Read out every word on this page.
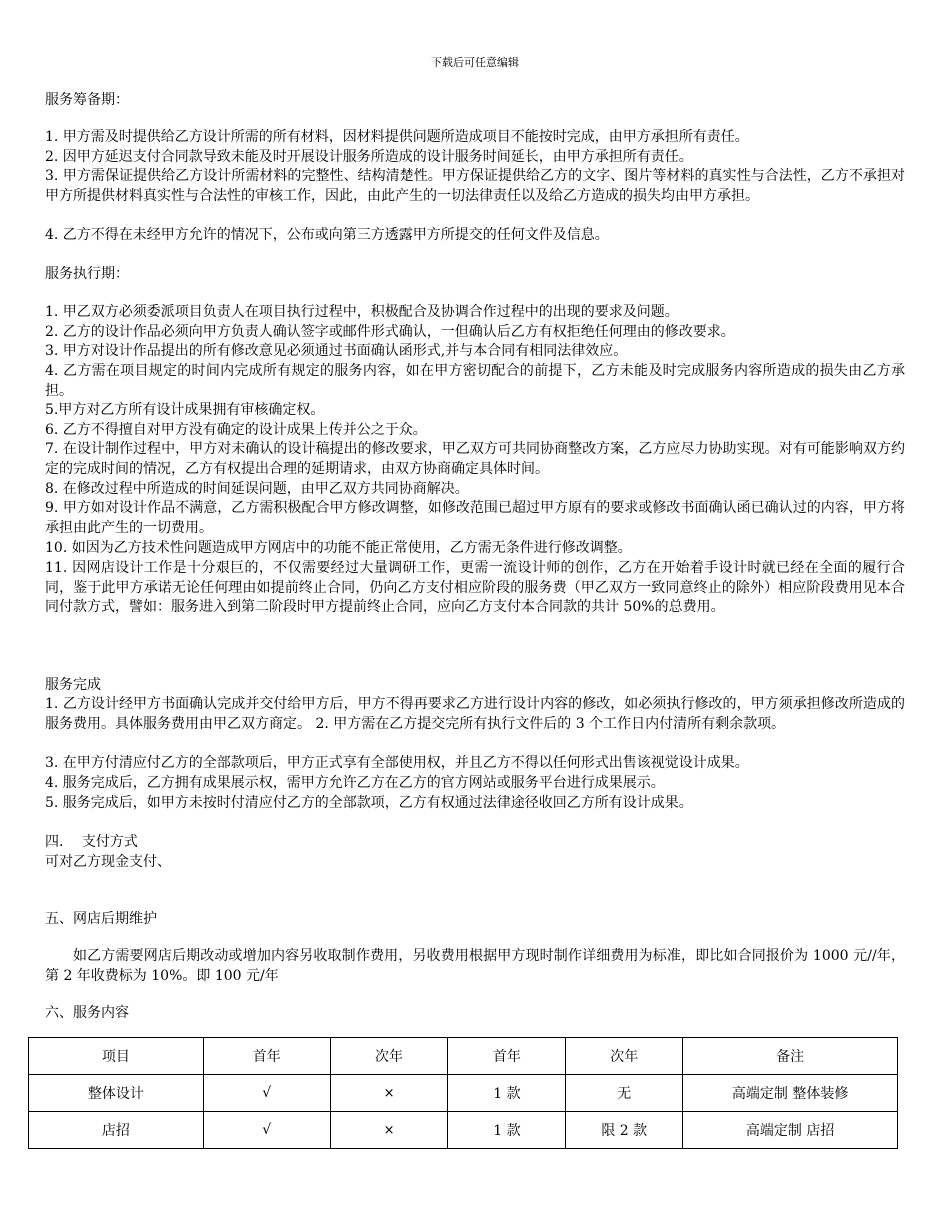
下载后可任意编辑

服务筹备期：

1. 甲方需及时提供给乙方设计所需的所有材料，因材料提供问题所造成项目不能按时完成，由甲方承担所有责任。

2. 因甲方延迟支付合同款导致未能及时开展设计服务所造成的设计服务时间延长，由甲方承担所有责任。

3. 甲方需保证提供给乙方设计所需材料的完整性、结构清楚性。甲方保证提供给乙方的文字、图片等材料的真实性与合法性，乙方不承担对甲方所提供材料真实性与合法性的审核工作，因此，由此产生的一切法律责任以及给乙方造成的损失均由甲方承担。

4. 乙方不得在未经甲方允许的情况下，公布或向第三方透露甲方所提交的任何文件及信息。

服务执行期：

1. 甲乙双方必须委派项目负责人在项目执行过程中，积极配合及协调合作过程中的出现的要求及问题。

2. 乙方的设计作品必须向甲方负责人确认签字或邮件形式确认，一但确认后乙方有权拒绝任何理由的修改要求。

3. 甲方对设计作品提出的所有修改意见必须通过书面确认函形式,并与本合同有相同法律效应。

4. 乙方需在项目规定的时间内完成所有规定的服务内容，如在甲方密切配合的前提下，乙方未能及时完成服务内容所造成的损失由乙方承担。

5.甲方对乙方所有设计成果拥有审核确定权。

6. 乙方不得擅自对甲方没有确定的设计成果上传并公之于众。

7. 在设计制作过程中，甲方对未确认的设计稿提出的修改要求，甲乙双方可共同协商整改方案，乙方应尽力协助实现。对有可能影响双方约定的完成时间的情况，乙方有权提出合理的延期请求，由双方协商确定具体时间。

8. 在修改过程中所造成的时间延误问题，由甲乙双方共同协商解决。

9. 甲方如对设计作品不满意，乙方需积极配合甲方修改调整，如修改范围已超过甲方原有的要求或修改书面确认函已确认过的内容，甲方将承担由此产生的一切费用。

10. 如因为乙方技术性问题造成甲方网店中的功能不能正常使用，乙方需无条件进行修改调整。

11. 因网店设计工作是十分艰巨的，不仅需要经过大量调研工作，更需一流设计师的创作，乙方在开始着手设计时就已经在全面的履行合同，鉴于此甲方承诺无论任何理由如提前终止合同，仍向乙方支付相应阶段的服务费（甲乙双方一致同意终止的除外）相应阶段费用见本合同付款方式，譬如：服务进入到第二阶段时甲方提前终止合同，应向乙方支付本合同款的共计 50%的总费用。

服务完成

1. 乙方设计经甲方书面确认完成并交付给甲方后，甲方不得再要求乙方进行设计内容的修改，如必须执行修改的，甲方须承担修改所造成的服务费用。具体服务费用由甲乙双方商定。 2. 甲方需在乙方提交完所有执行文件后的 3 个工作日内付清所有剩余款项。

3. 在甲方付清应付乙方的全部款项后，甲方正式享有全部使用权，并且乙方不得以任何形式出售该视觉设计成果。

4. 服务完成后，乙方拥有成果展示权，需甲方允许乙方在乙方的官方网站或服务平台进行成果展示。

5. 服务完成后，如甲方未按时付清应付乙方的全部款项，乙方有权通过法律途径收回乙方所有设计成果。

四．  支付方式

可对乙方现金支付、

五、网店后期维护

如乙方需要网店后期改动或增加内容另收取制作费用，另收费用根据甲方现时制作详细费用为标准，即比如合同报价为 1000 元//年，第 2 年收费标为 10%。即 100 元/年

六、服务内容

项目	首年	次年	首年	次年	备注
整体设计	√	×	1 款	无	高端定制 整体装修
店招	√	×	1 款	限 2 款	高端定制 店招
